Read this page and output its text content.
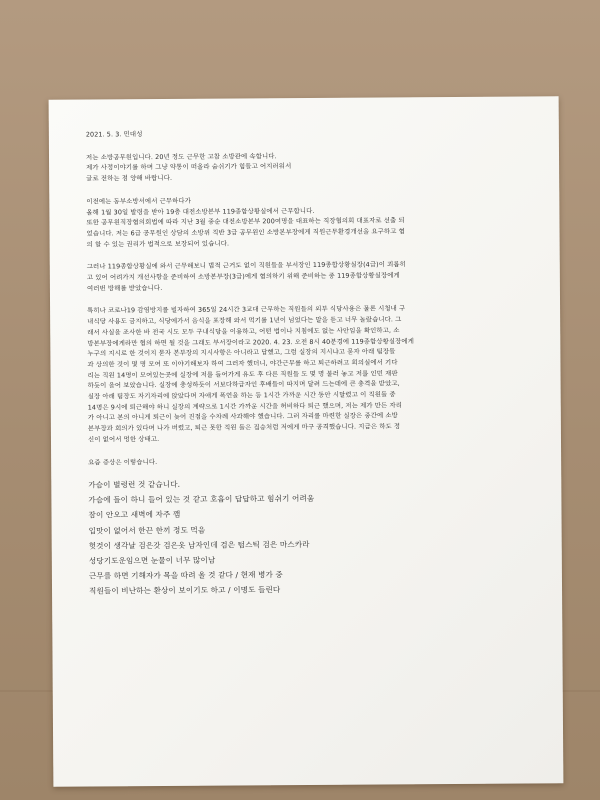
2021. 5. 3. 민대성

저는 소방공무원입니다. 20년 정도 근무한 고참 소방관에 속합니다.

제가 사정이야기를 하며 그냥 약통이 떠올라 숨쉬기가 힘들고 어지러워서

글로 전하는 점 양해 바랍니다.

이전에는 동부소방서에서 근무하다가

올해 1월 30일 발령을 받아 19층 대전소방본부 119종합상황실에서 근무합니다.

또한 공무원직장협의회법에 따라 지난 3월 중순 대전소방본부 200여명을 대표하는 직장협의회 대표자로 선출 되

었습니다. 저는 6급 공무원인 상담의 소방위 직반 3급 공무원인 소방본부장에게 직원근무환경개선을 요구하고 협

의 할 수 있는 권리가 법적으로 보장되어 있습니다.

그러나 119종합상황실에 와서 근무해보니 법적 근거도 없이 직원들을 부서장인 119종합상황실장(4급)이 괴롭히

고 있어 어려가지 개선사항을 준비하여 소방본부장(3급)에게 협의하기 위해 준비하는 중 119종합상황실장에게

여러번 방해를 받았습니다.

특히나 코로나19 감염방지를 빌자하여 365일 24시간 3교대 근무하는 직원들의 외부 식당사용은 물론 시청내 구

내식당 사용도 금지하고, 식당에가서 음식을 포장해 와서 먹기를 1년이 넘었다는 말을 듣고 너무 놀랐습니다. 그

래서 사실을 조사한 바 전국 시도 모두 구내식당을 이용하고, 어떤 법이나 지침에도 없는 사안임을 확인하고, 소

방본부장에게라만 협의 하면 될 것을 그래도 부서장이라고 2020. 4. 23. 오전 8시 40분경에 119종합상황실장에게

누구의 지시로 한 것이지 묻자 본부장의 지시사항은 아니라고 답했고, 그럼 실장의 지시냐고 묻자 아래 팀장들

과 상의한 것이 몇 명 모여 또 이야기해보자 하여 그러자 했더니, 야간근무를 하고 퇴근하려고 회의실에서 기다

리는 직원 14명이 모여있는곳에 실장에 저를 들어가게 유도 후 다른 직원들 도 몇 명 불러 놓고 저를 인민 재판

하듯이 을어 보았습니다. 실장에 충성하듯이 서보다하급자인 후배들이 따지며 달려 드는데에 큰 충격을 받았고,

실장 아래 팀장도 자기자리에 앉았다며 자애게 폭언을 하는 등 1시간 가까운 시간 동안 시달렸고 이 직원들 중

14명은 9시에 퇴근해야 하니 실장의 계략으로 1시간 가까운 시간을 허비하다 퇴근 했으며, 저는 제가 만든 자리

가 아니고 본의 아니게 퇴근이 늦어 진점을 수차례 사과해야 했습니다. 그러 자리를 마련한 실장은 중간에 소방

본부장과 회의가 있다며 나가 버렸고, 퇴근 못한 직원 들은 집승처럼 저에게 마구 공격했습니다. 지금은 하도 정

신이 없어서 멍한 상태고.

요즘 증상은 이렇습니다.

가슴이 벌렁런 것 같습니다.

가슴에 돌이 하니 들어 있는 것 같고 호흡이 답답하고 힘쉬기 어려움

잠이 안오고 새벽에 자주 깸

입맛이 없어서 한끈 한끼 정도 먹음

헛것이 생각날 검은갓 검은옷 남자인데 검은 텀스틱 검은 마스카라

성당기도운임으면 눈물이 너무 많이남

근무를 하면 기해자가 목을 따려 올 것 같다 / 현재 병가 중

직원들이 비난하는 환상이 보이기도 하고 / 이명도 들린다
